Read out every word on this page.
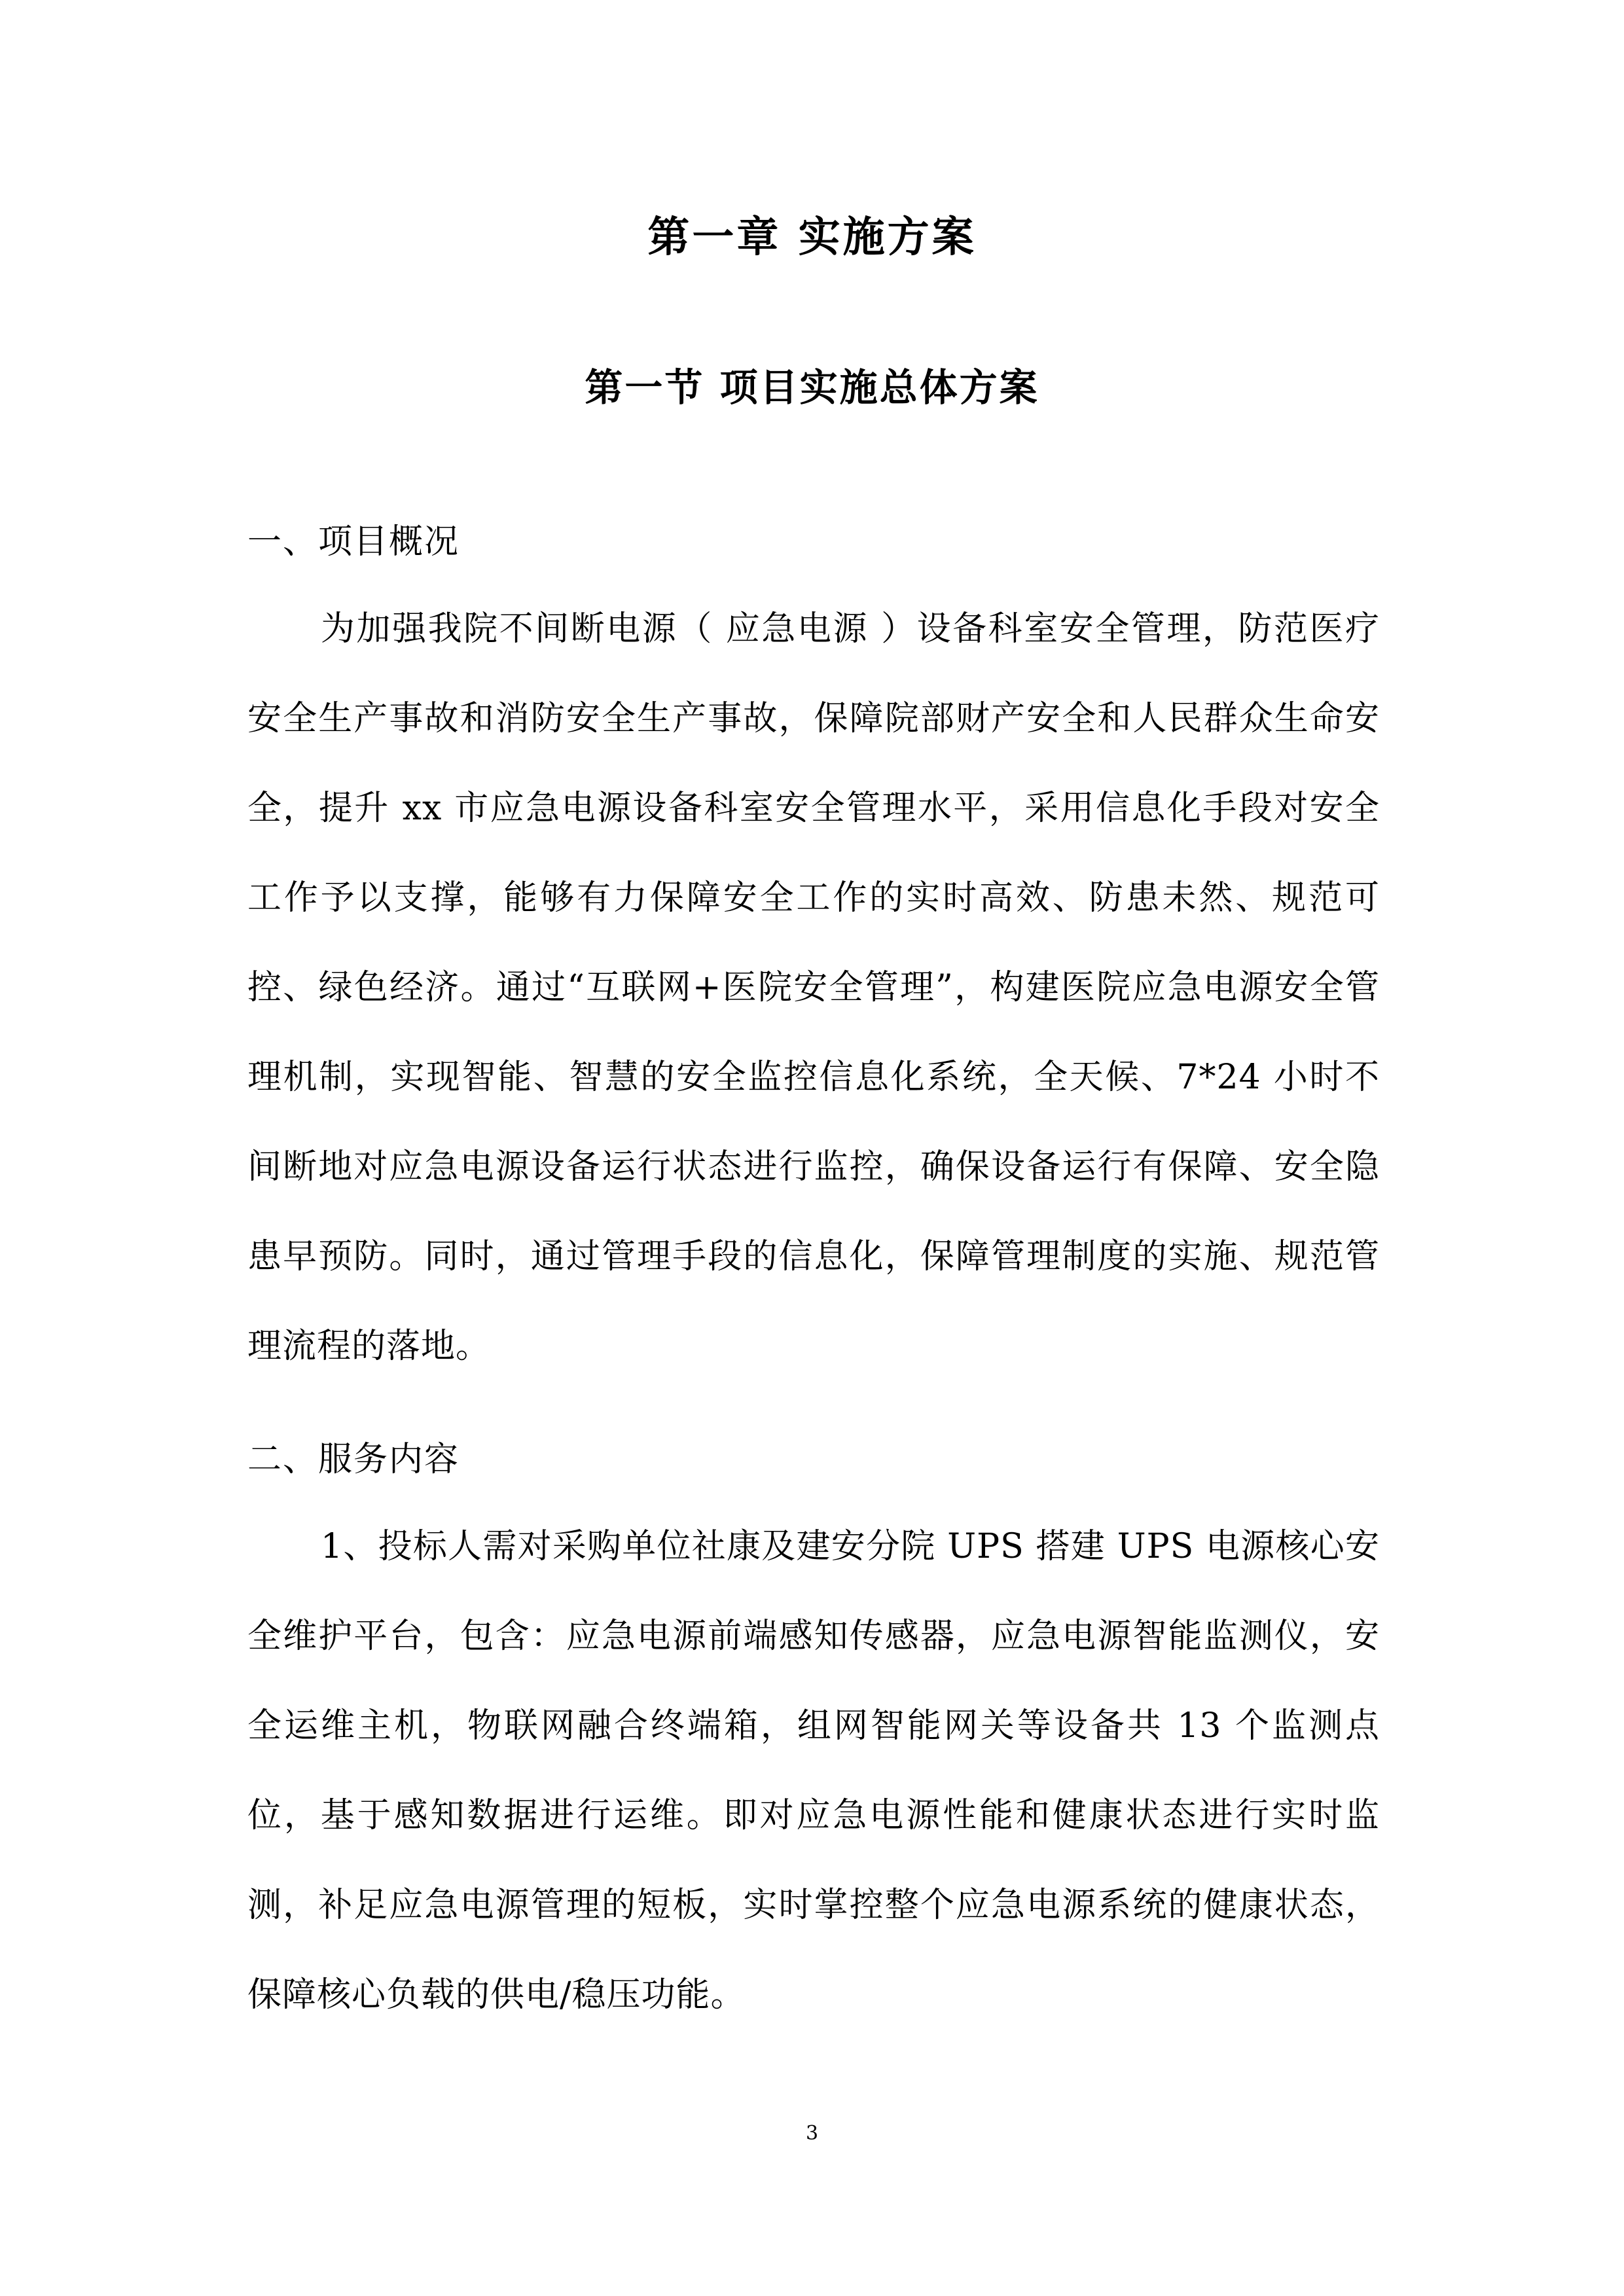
第一章 实施方案
第一节 项目实施总体方案
一、项目概况

为加强我院不间断电源（ 应急电源 ）设备科室安全管理，防范医疗安全生产事故和消防安全生产事故，保障院部财产安全和人民群众生命安全，提升 xx 市应急电源设备科室安全管理水平，采用信息化手段对安全工作予以支撑，能够有力保障安全工作的实时高效、防患未然、规范可控、绿色经济。通过“互联网+医院安全管理”，构建医院应急电源安全管理机制，实现智能、智慧的安全监控信息化系统，全天候、7*24 小时不间断地对应急电源设备运行状态进行监控，确保设备运行有保障、安全隐患早预防。同时，通过管理手段的信息化，保障管理制度的实施、规范管理流程的落地。

二、服务内容

1、投标人需对采购单位社康及建安分院 UPS 搭建 UPS 电源核心安全维护平台，包含：应急电源前端感知传感器，应急电源智能监测仪，安全运维主机，物联网融合终端箱，组网智能网关等设备共 13 个监测点位，基于感知数据进行运维。即对应急电源性能和健康状态进行实时监测，补足应急电源管理的短板，实时掌控整个应急电源系统的健康状态，保障核心负载的供电/稳压功能。

3
